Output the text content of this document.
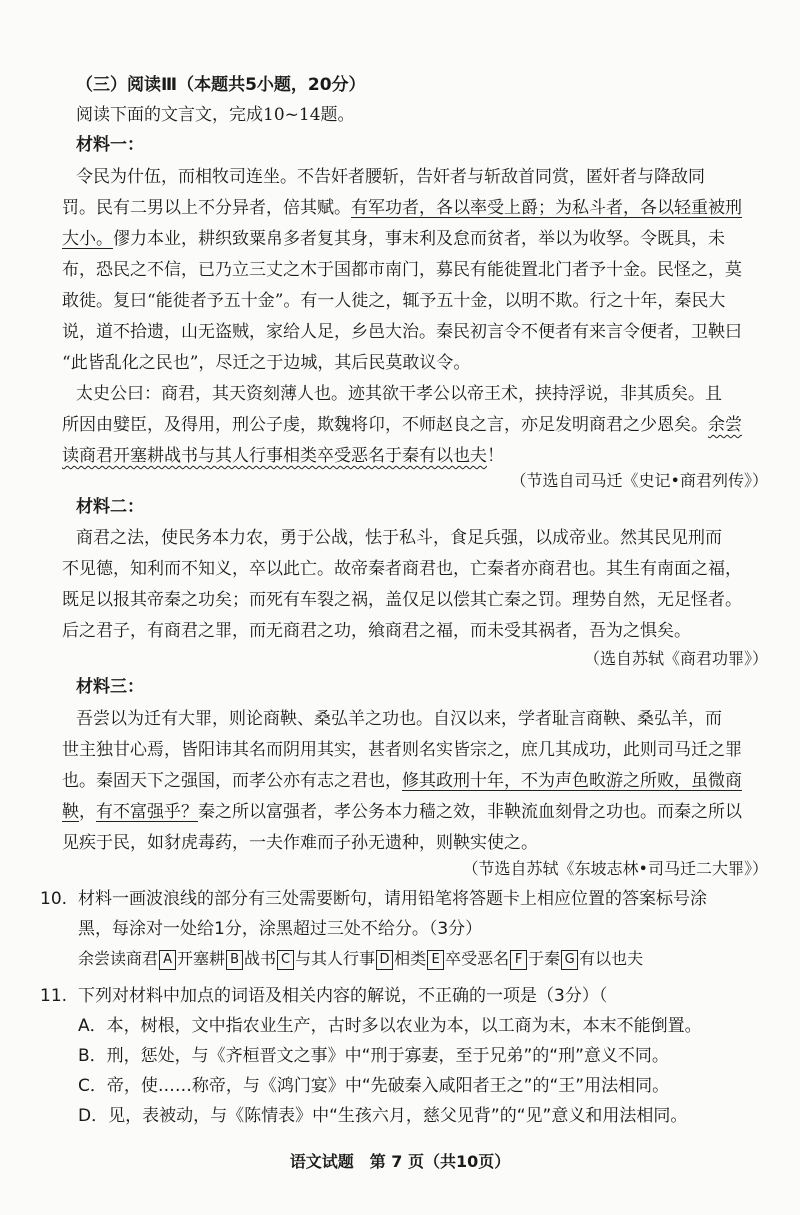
（三）阅读Ⅲ（本题共5小题，20分）
阅读下面的文言文，完成10~14题。
材料一：
令民为什伍，而相牧司连坐。不告奸者腰斩，告奸者与斩敌首同赏，匿奸者与降敌同
罚。民有二男以上不分异者，倍其赋。有军功者，各以率受上爵；为私斗者，各以轻重被刑
大小。僇力本业，耕织致粟帛多者复其身，事末利及怠而贫者，举以为收孥。令既具，未
布，恐民之不信，已乃立三丈之木于国都市南门，募民有能徙置北门者予十金。民怪之，莫
敢徙。复曰“能徙者予五十金”。有一人徙之，辄予五十金，以明不欺。行之十年，秦民大
说，道不拾遗，山无盗贼，家给人足，乡邑大治。秦民初言令不便者有来言令便者，卫鞅曰
“此皆乱化之民也”，尽迁之于边城，其后民莫敢议令。
太史公曰：商君，其天资刻薄人也。迹其欲干孝公以帝王术，挟持浮说，非其质矣。且
所因由嬖臣，及得用，刑公子虔，欺魏将卬，不师赵良之言，亦足发明商君之少恩矣。余尝
读商君开塞耕战书与其人行事相类卒受恶名于秦有以也夫！
（节选自司马迁《史记•商君列传》）
材料二：
商君之法，使民务本力农，勇于公战，怯于私斗，食足兵强，以成帝业。然其民见刑而
不见德，知利而不知义，卒以此亡。故帝秦者商君也，亡秦者亦商君也。其生有南面之福，
既足以报其帝秦之功矣；而死有车裂之祸，盖仅足以偿其亡秦之罚。理势自然，无足怪者。
后之君子，有商君之罪，而无商君之功，飨商君之福，而未受其祸者，吾为之惧矣。
（选自苏轼《商君功罪》）
材料三：
吾尝以为迁有大罪，则论商鞅、桑弘羊之功也。自汉以来，学者耻言商鞅、桑弘羊，而
世主独甘心焉，皆阳讳其名而阴用其实，甚者则名实皆宗之，庶几其成功，此则司马迁之罪
也。秦固天下之强国，而孝公亦有志之君也，修其政刑十年，不为声色畋游之所败，虽微商
鞅，有不富强乎？秦之所以富强者，孝公务本力穑之效，非鞅流血刻骨之功也。而秦之所以
见疾于民，如豺虎毒药，一夫作难而子孙无遗种，则鞅实使之。
（节选自苏轼《东坡志林•司马迁二大罪》）
10. 材料一画波浪线的部分有三处需要断句，请用铅笔将答题卡上相应位置的答案标号涂
黑，每涂对一处给1分，涂黑超过三处不给分。（3分）
余尝读商君 A 开塞耕 B 战书 C 与其人行事 D 相类 E 卒受恶名 F 于秦 G 有以也夫
11. 下列对材料中加点的词语及相关内容的解说，不正确的一项是（3分）（
A．本，树根，文中指农业生产，古时多以农业为本，以工商为末，本末不能倒置。
B．刑，惩处，与《齐桓晋文之事》中“刑于寡妻，至于兄弟”的“刑”意义不同。
C．帝，使……称帝，与《鸿门宴》中“先破秦入咸阳者王之”的“王”用法相同。
D．见，表被动，与《陈情表》中“生孩六月，慈父见背”的“见”意义和用法相同。
语文试题　第 7 页（共10页）
